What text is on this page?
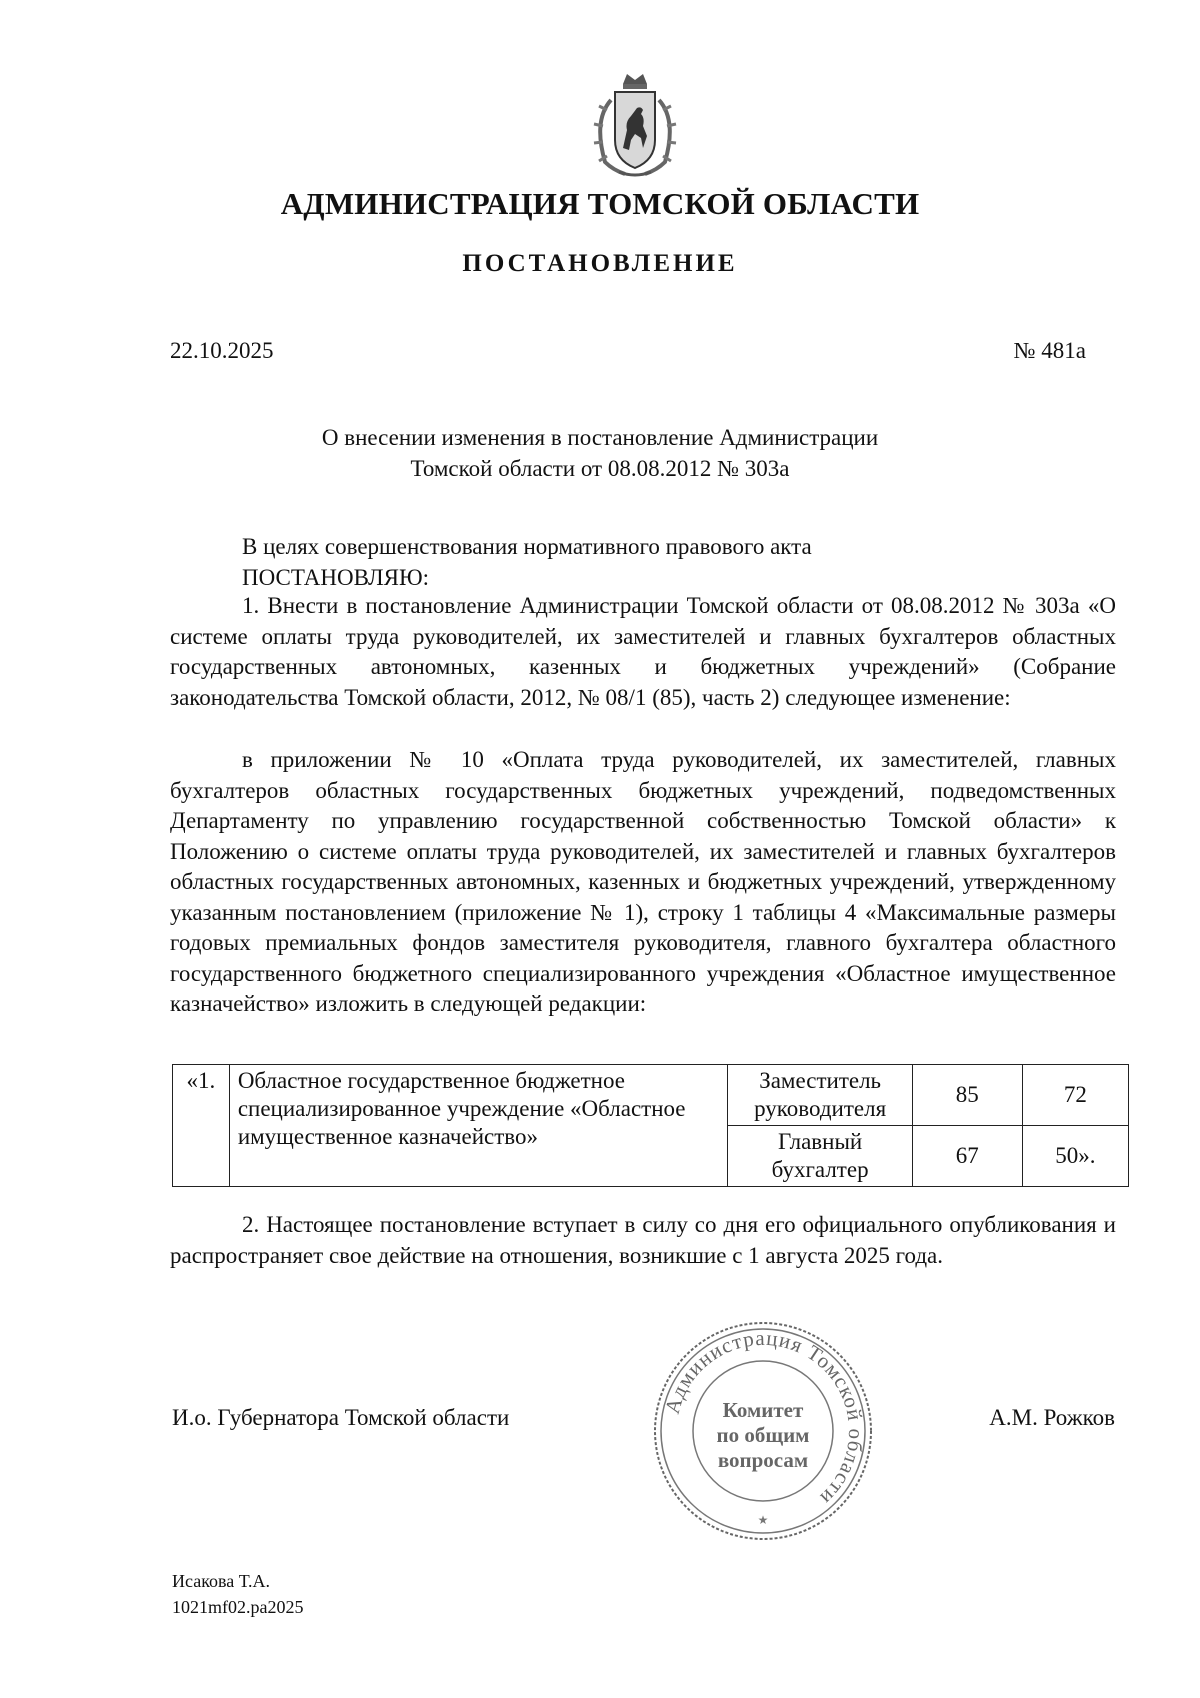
АДМИНИСТРАЦИЯ ТОМСКОЙ ОБЛАСТИ
ПОСТАНОВЛЕНИЕ
22.10.2025	№ 481а
О внесении изменения в постановление Администрации
Томской области от 08.08.2012 № 303а
В целях совершенствования нормативного правового акта
ПОСТАНОВЛЯЮ:
1. Внести в постановление Администрации Томской области от 08.08.2012 № 303а «О системе оплаты труда руководителей, их заместителей и главных бухгалтеров областных государственных автономных, казенных и бюджетных учреждений» (Собрание законодательства Томской области, 2012, № 08/1 (85), часть 2) следующее изменение:
в приложении № 10 «Оплата труда руководителей, их заместителей, главных бухгалтеров областных государственных бюджетных учреждений, подведомственных Департаменту по управлению государственной собственностью Томской области» к Положению о системе оплаты труда руководителей, их заместителей и главных бухгалтеров областных государственных автономных, казенных и бюджетных учреждений, утвержденному указанным постановлением (приложение № 1), строку 1 таблицы 4 «Максимальные размеры годовых премиальных фондов заместителя руководителя, главного бухгалтера областного государственного бюджетного специализированного учреждения «Областное имущественное казначейство» изложить в следующей редакции:
«1.	Областное государственное бюджетное специализированное учреждение «Областное имущественное казначейство»	Заместитель руководителя	85	72
		Главный бухгалтер	67	50».
2. Настоящее постановление вступает в силу со дня его официального опубликования и распространяет свое действие на отношения, возникшие с 1 августа 2025 года.
И.о. Губернатора Томской области	А.М. Рожков
Администрация Томской области
Комитет
по общим
вопросам
★
Исакова Т.А.
1021mf02.ра2025
